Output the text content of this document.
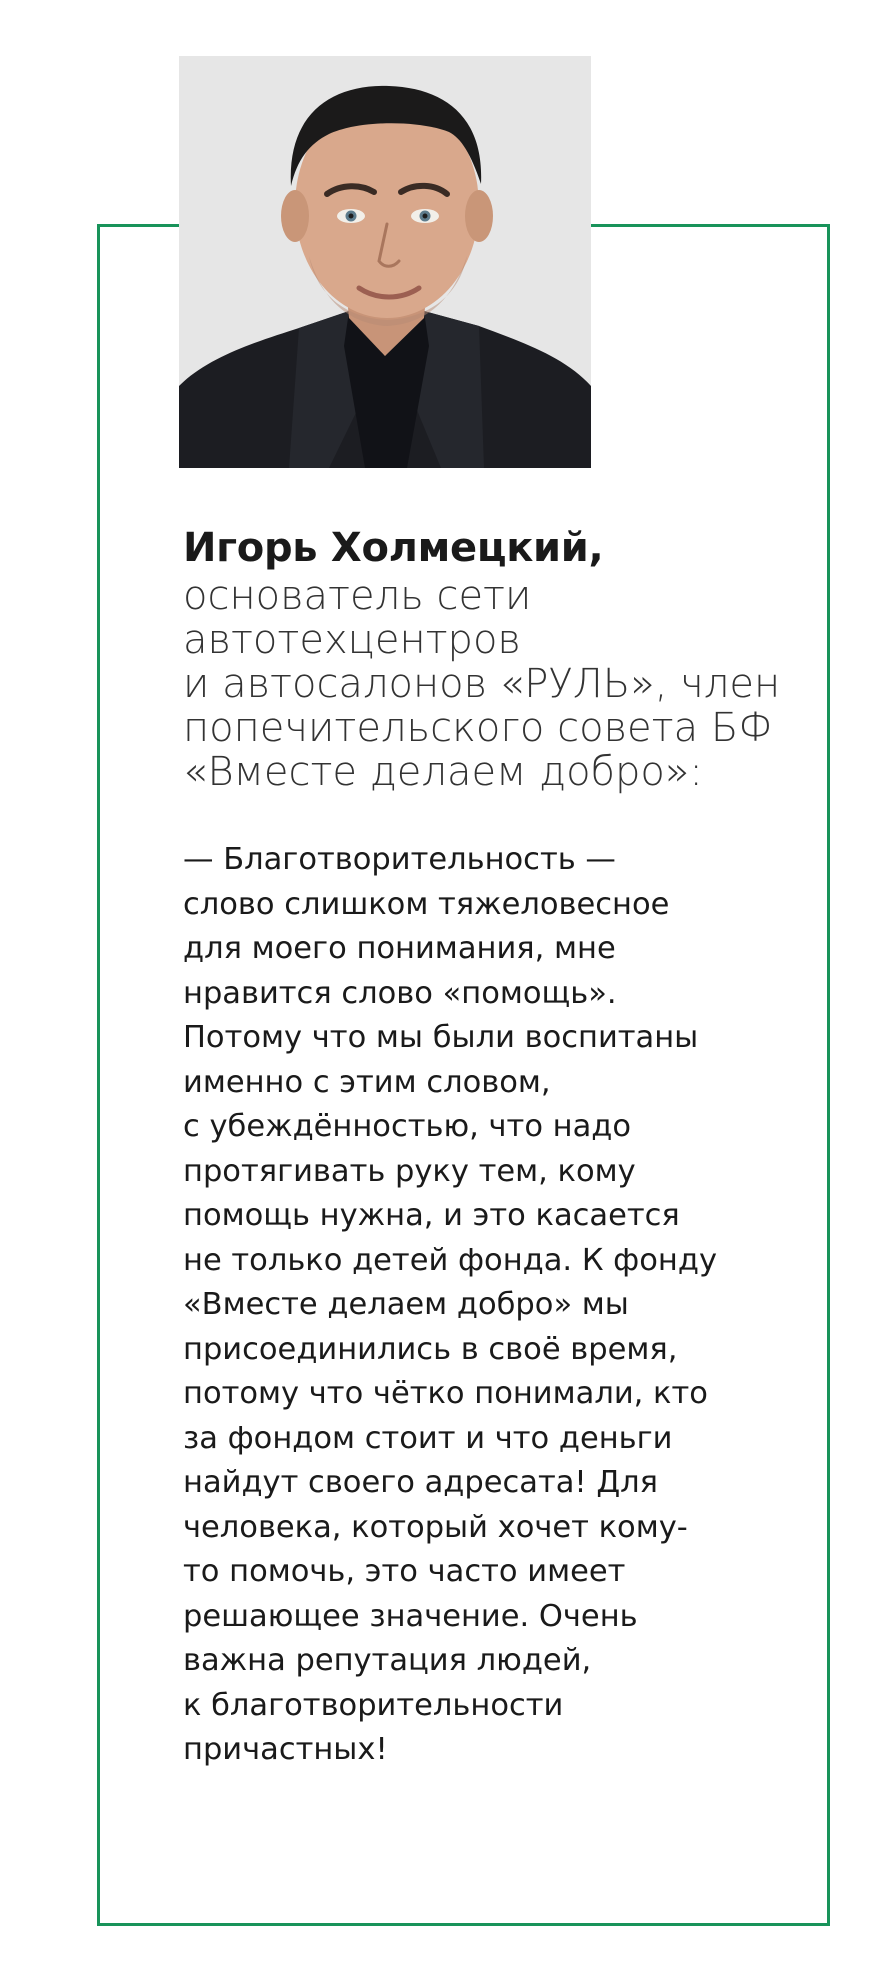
Игорь Холмецкий,

основатель сети
автотехцентров
и автосалонов «РУЛЬ», член
попечительского совета БФ
«Вместе делаем добро»:

— Благотворительность —
слово слишком тяжеловесное
для моего понимания, мне
нравится слово «помощь».
Потому что мы были воспитаны
именно с этим словом,
с убеждённостью, что надо
протягивать руку тем, кому
помощь нужна, и это касается
не только детей фонда. К фонду
«Вместе делаем добро» мы
присоединились в своё время,
потому что чётко понимали, кто
за фондом стоит и что деньги
найдут своего адресата! Для
человека, который хочет кому-
то помочь, это часто имеет
решающее значение. Очень
важна репутация людей,
к благотворительности
причастных!
